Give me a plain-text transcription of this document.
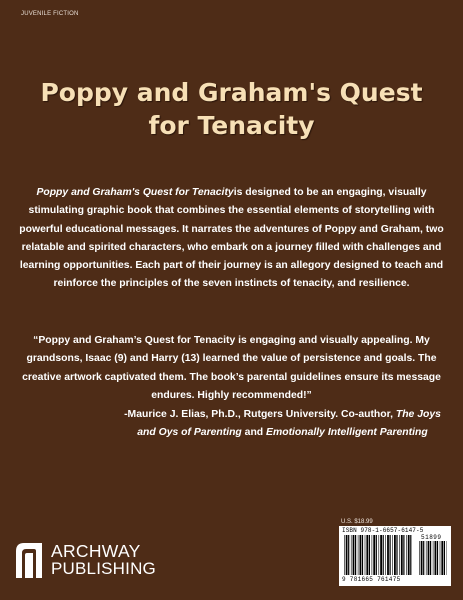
JUVENILE FICTION
Poppy and Graham's Quest
for Tenacity
Poppy and Graham's Quest for Tenacityis designed to be an engaging, visually stimulating graphic book that combines the essential elements of storytelling with powerful educational messages. It narrates the adventures of Poppy and Graham, two relatable and spirited characters, who embark on a journey filled with challenges and learning opportunities. Each part of their journey is an allegory designed to teach and reinforce the principles of the seven instincts of tenacity, and resilience.
“Poppy and Graham’s Quest for Tenacity is engaging and visually appealing. My grandsons, Isaac (9) and Harry (13) learned the value of persistence and goals. The creative artwork captivated them. The book’s parental guidelines ensure its message endures. Highly recommended!”
-Maurice J. Elias, Ph.D., Rutgers University. Co-author, The Joys and Oys of Parenting and Emotionally Intelligent Parenting
ARCHWAY
PUBLISHING
U.S. $18.99
ISBN 978-1-6657-6147-5
51899
9 781665 761475
